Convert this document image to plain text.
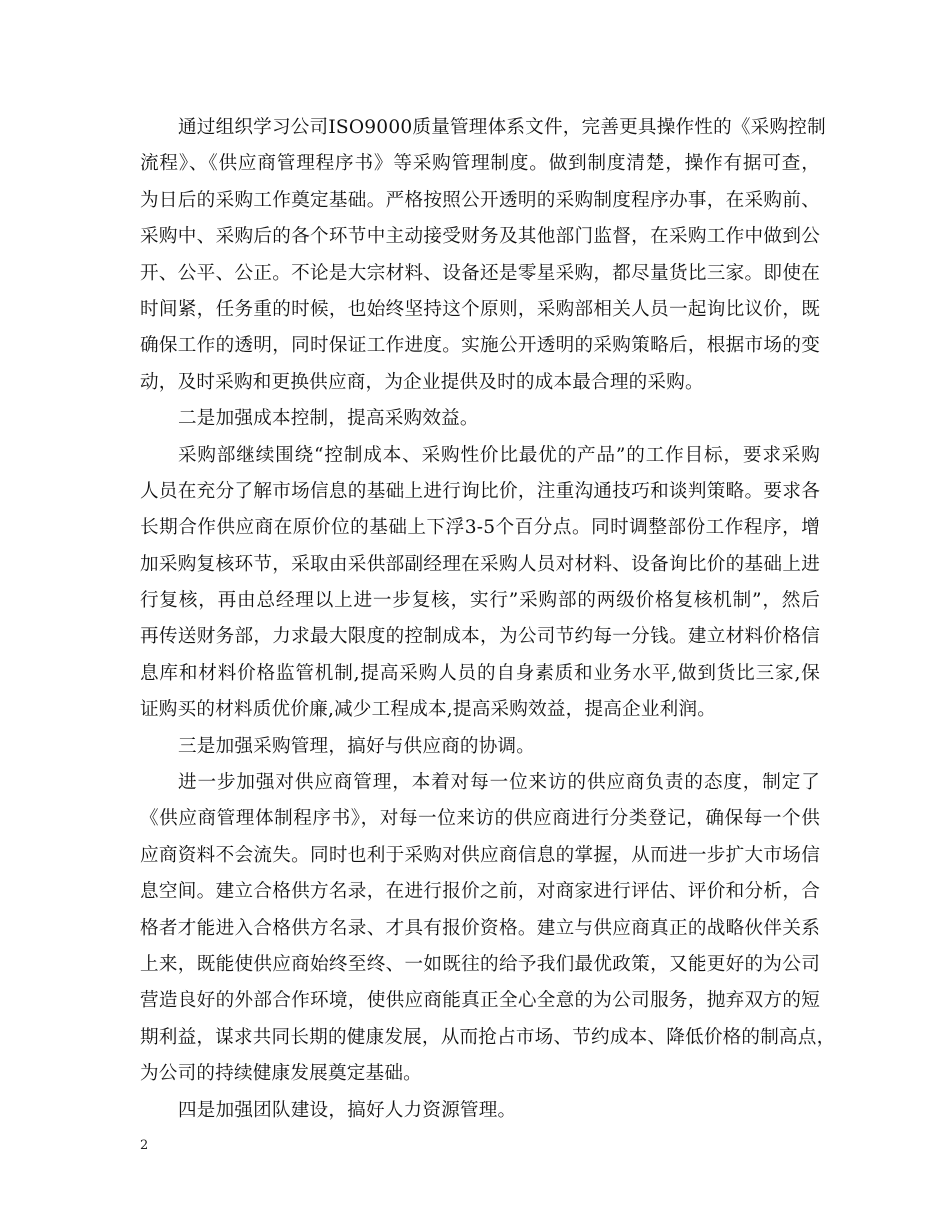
通过组织学习公司ISO9000质量管理体系文件，完善更具操作性的《采购控制
流程》、《供应商管理程序书》等采购管理制度。做到制度清楚，操作有据可查，
为日后的采购工作奠定基础。严格按照公开透明的采购制度程序办事，在采购前、
采购中、采购后的各个环节中主动接受财务及其他部门监督，在采购工作中做到公
开、公平、公正。不论是大宗材料、设备还是零星采购，都尽量货比三家。即使在
时间紧，任务重的时候，也始终坚持这个原则，采购部相关人员一起询比议价，既
确保工作的透明，同时保证工作进度。实施公开透明的采购策略后，根据市场的变
动，及时采购和更换供应商，为企业提供及时的成本最合理的采购。
二是加强成本控制，提高采购效益。
采购部继续围绕“控制成本、采购性价比最优的产品”的工作目标，要求采购
人员在充分了解市场信息的基础上进行询比价，注重沟通技巧和谈判策略。要求各
长期合作供应商在原价位的基础上下浮3-5个百分点。同时调整部份工作程序，增
加采购复核环节，采取由采供部副经理在采购人员对材料、设备询比价的基础上进
行复核，再由总经理以上进一步复核，实行”采购部的两级价格复核机制”，然后
再传送财务部，力求最大限度的控制成本，为公司节约每一分钱。建立材料价格信
息库和材料价格监管机制,提高采购人员的自身素质和业务水平,做到货比三家,保
证购买的材料质优价廉,减少工程成本,提高采购效益，提高企业利润。
三是加强采购管理，搞好与供应商的协调。
进一步加强对供应商管理，本着对每一位来访的供应商负责的态度，制定了
《供应商管理体制程序书》，对每一位来访的供应商进行分类登记，确保每一个供
应商资料不会流失。同时也利于采购对供应商信息的掌握，从而进一步扩大市场信
息空间。建立合格供方名录，在进行报价之前，对商家进行评估、评价和分析，合
格者才能进入合格供方名录、才具有报价资格。建立与供应商真正的战略伙伴关系
上来，既能使供应商始终至终、一如既往的给予我们最优政策，又能更好的为公司
营造良好的外部合作环境，使供应商能真正全心全意的为公司服务，抛弃双方的短
期利益，谋求共同长期的健康发展，从而抢占市场、节约成本、降低价格的制高点，
为公司的持续健康发展奠定基础。
四是加强团队建设，搞好人力资源管理。
2
